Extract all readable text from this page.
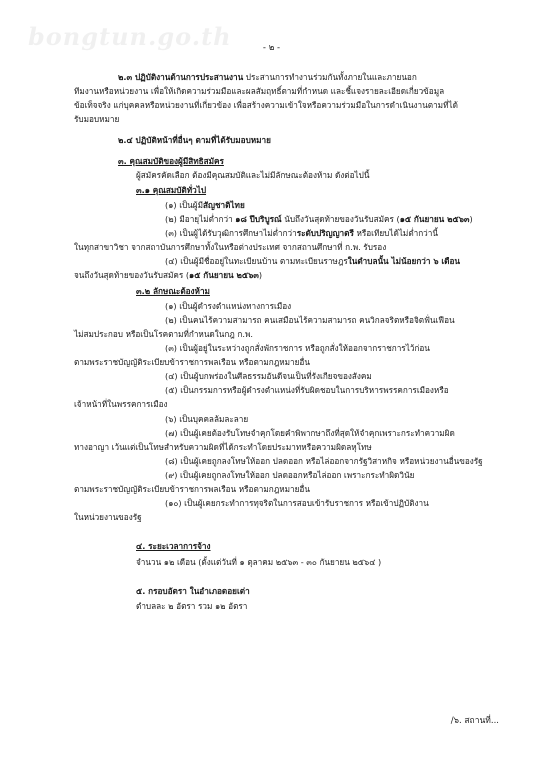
bongtun.go.th	- ๒ -
๒.๓ ปฏิบัติงานด้านการประสานงาน ประสานการทำงานร่วมกันทั้งภายในและภายนอก
ทีมงานหรือหน่วยงาน เพื่อให้เกิดความร่วมมือและผลสัมฤทธิ์ตามที่กำหนด และชี้แจงรายละเอียดเกี่ยวข้อมูล
ข้อเท็จจริง แก่บุคคลหรือหน่วยงานที่เกี่ยวข้อง เพื่อสร้างความเข้าใจหรือความร่วมมือในการดำเนินงานตามที่ได้
รับมอบหมาย
๒.๔ ปฏิบัติหน้าที่อื่นๆ ตามที่ได้รับมอบหมาย
๓. คุณสมบัติของผู้มีสิทธิสมัคร
ผู้สมัครคัดเลือก ต้องมีคุณสมบัติและไม่มีลักษณะต้องห้าม ดังต่อไปนี้
๓.๑ คุณสมบัติทั่วไป
(๑) เป็นผู้มีสัญชาติไทย
(๒) มีอายุไม่ต่ำกว่า ๑๘ ปีบริบูรณ์ นับถึงวันสุดท้ายของวันรับสมัคร (๑๕ กันยายน ๒๕๖๓)
(๓) เป็นผู้ได้รับวุฒิการศึกษาไม่ต่ำกว่าระดับปริญญาตรี หรือเทียบได้ไม่ต่ำกว่านี้
ในทุกสาขาวิชา จากสถาบันการศึกษาทั้งในหรือต่างประเทศ จากสถานศึกษาที่ ก.พ. รับรอง
(๔) เป็นผู้มีชื่ออยู่ในทะเบียนบ้าน ตามทะเบียนราษฎรในตำบลนั้น ไม่น้อยกว่า ๖ เดือน
จนถึงวันสุดท้ายของวันรับสมัคร (๑๕ กันยายน ๒๕๖๓)
๓.๒ ลักษณะต้องห้าม
(๑) เป็นผู้ดำรงตำแหน่งทางการเมือง
(๒) เป็นคนไร้ความสามารถ คนเสมือนไร้ความสามารถ คนวิกลจริตหรือจิตฟั่นเฟือน
ไม่สมประกอบ หรือเป็นโรคตามที่กำหนดในกฎ ก.พ.
(๓) เป็นผู้อยู่ในระหว่างถูกสั่งพักราชการ หรือถูกสั่งให้ออกจากราชการไว้ก่อน
ตามพระราชบัญญัติระเบียบข้าราชการพลเรือน หรือตามกฎหมายอื่น
(๔) เป็นผู้บกพร่องในศีลธรรมอันดีจนเป็นที่รังเกียจของสังคม
(๕) เป็นกรรมการหรือผู้ดำรงตำแหน่งที่รับผิดชอบในการบริหารพรรคการเมืองหรือ
เจ้าหน้าที่ในพรรคการเมือง
(๖) เป็นบุคคลล้มละลาย
(๗) เป็นผู้เคยต้องรับโทษจำคุกโดยคำพิพากษาถึงที่สุดให้จำคุกเพราะกระทำความผิด
ทางอาญา เว้นแต่เป็นโทษสำหรับความผิดที่ได้กระทำโดยประมาทหรือความผิดลหุโทษ
(๘) เป็นผู้เคยถูกลงโทษให้ออก ปลดออก หรือไล่ออกจากรัฐวิสาหกิจ หรือหน่วยงานอื่นของรัฐ
(๙) เป็นผู้เคยถูกลงโทษให้ออก ปลดออกหรือไล่ออก เพราะกระทำผิดวินัย
ตามพระราชบัญญัติระเบียบข้าราชการพลเรือน หรือตามกฎหมายอื่น
(๑๐) เป็นผู้เคยกระทำการทุจริตในการสอบเข้ารับราชการ หรือเข้าปฏิบัติงาน
ในหน่วยงานของรัฐ
๔. ระยะเวลาการจ้าง
จำนวน ๑๒ เดือน (ตั้งแต่วันที่ ๑ ตุลาคม ๒๕๖๓ - ๓๐ กันยายน ๒๕๖๔ )
๕. กรอบอัตรา ในอำเภอดอยเต่า
ตำบลละ ๒ อัตรา รวม ๑๒ อัตรา
/๖. สถานที่...
